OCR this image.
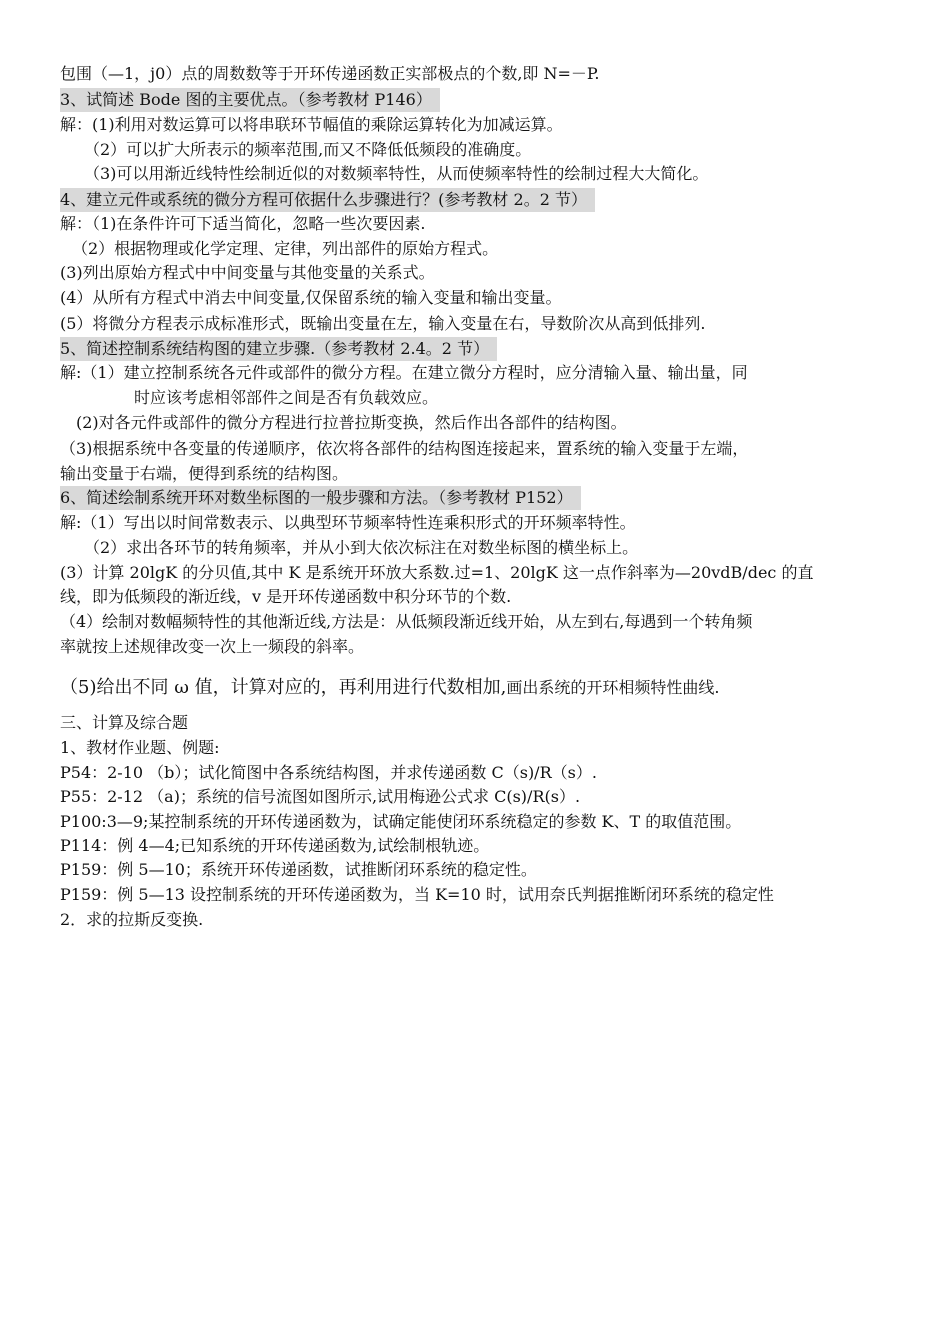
包围（—1，j0）点的周数数等于开环传递函数正实部极点的个数,即 N=－P.
3、试简述 Bode 图的主要优点。（参考教材 P146）
解：(1)利用对数运算可以将串联环节幅值的乘除运算转化为加减运算。
（2）可以扩大所表示的频率范围,而又不降低低频段的准确度。
（3)可以用渐近线特性绘制近似的对数频率特性，从而使频率特性的绘制过程大大简化。
4、建立元件或系统的微分方程可依据什么步骤进行？(参考教材 2。2 节）
解：（1)在条件许可下适当简化，忽略一些次要因素.
（2）根据物理或化学定理、定律，列出部件的原始方程式。
(3)列出原始方程式中中间变量与其他变量的关系式。
(4）从所有方程式中消去中间变量,仅保留系统的输入变量和输出变量。
(5）将微分方程表示成标准形式，既输出变量在左，输入变量在右，导数阶次从高到低排列.
5、简述控制系统结构图的建立步骤.（参考教材 2.4。2 节）
解:（1）建立控制系统各元件或部件的微分方程。在建立微分方程时，应分清输入量、输出量，同
时应该考虑相邻部件之间是否有负载效应。
(2)对各元件或部件的微分方程进行拉普拉斯变换，然后作出各部件的结构图。
（3)根据系统中各变量的传递顺序，依次将各部件的结构图连接起来，置系统的输入变量于左端，
输出变量于右端，便得到系统的结构图。
6、简述绘制系统开环对数坐标图的一般步骤和方法。（参考教材 P152）
解:（1）写出以时间常数表示、以典型环节频率特性连乘积形式的开环频率特性。
（2）求出各环节的转角频率，并从小到大依次标注在对数坐标图的横坐标上。
(3）计算 20lgK 的分贝值,其中 K 是系统开环放大系数.过=1、20lgK 这一点作斜率为—20vdB/dec 的直
线，即为低频段的渐近线，v 是开环传递函数中积分环节的个数.
（4）绘制对数幅频特性的其他渐近线,方法是：从低频段渐近线开始，从左到右,每遇到一个转角频
率就按上述规律改变一次上一频段的斜率。
（5)给出不同 ω 值，计算对应的，再利用进行代数相加,画出系统的开环相频特性曲线.
三、计算及综合题
1、教材作业题、例题:
P54：2-10 （b）；试化简图中各系统结构图，并求传递函数 C（s)/R（s）.
P55：2-12 （a)；系统的信号流图如图所示,试用梅逊公式求 C(s)/R(s）.
P100:3—9;某控制系统的开环传递函数为，试确定能使闭环系统稳定的参数 K、T 的取值范围。
P114：例 4—4;已知系统的开环传递函数为,试绘制根轨迹。
P159：例 5—10；系统开环传递函数，试推断闭环系统的稳定性。
P159：例 5—13 设控制系统的开环传递函数为，当 K=10 时，试用奈氏判据推断闭环系统的稳定性
2．求的拉斯反变换.
